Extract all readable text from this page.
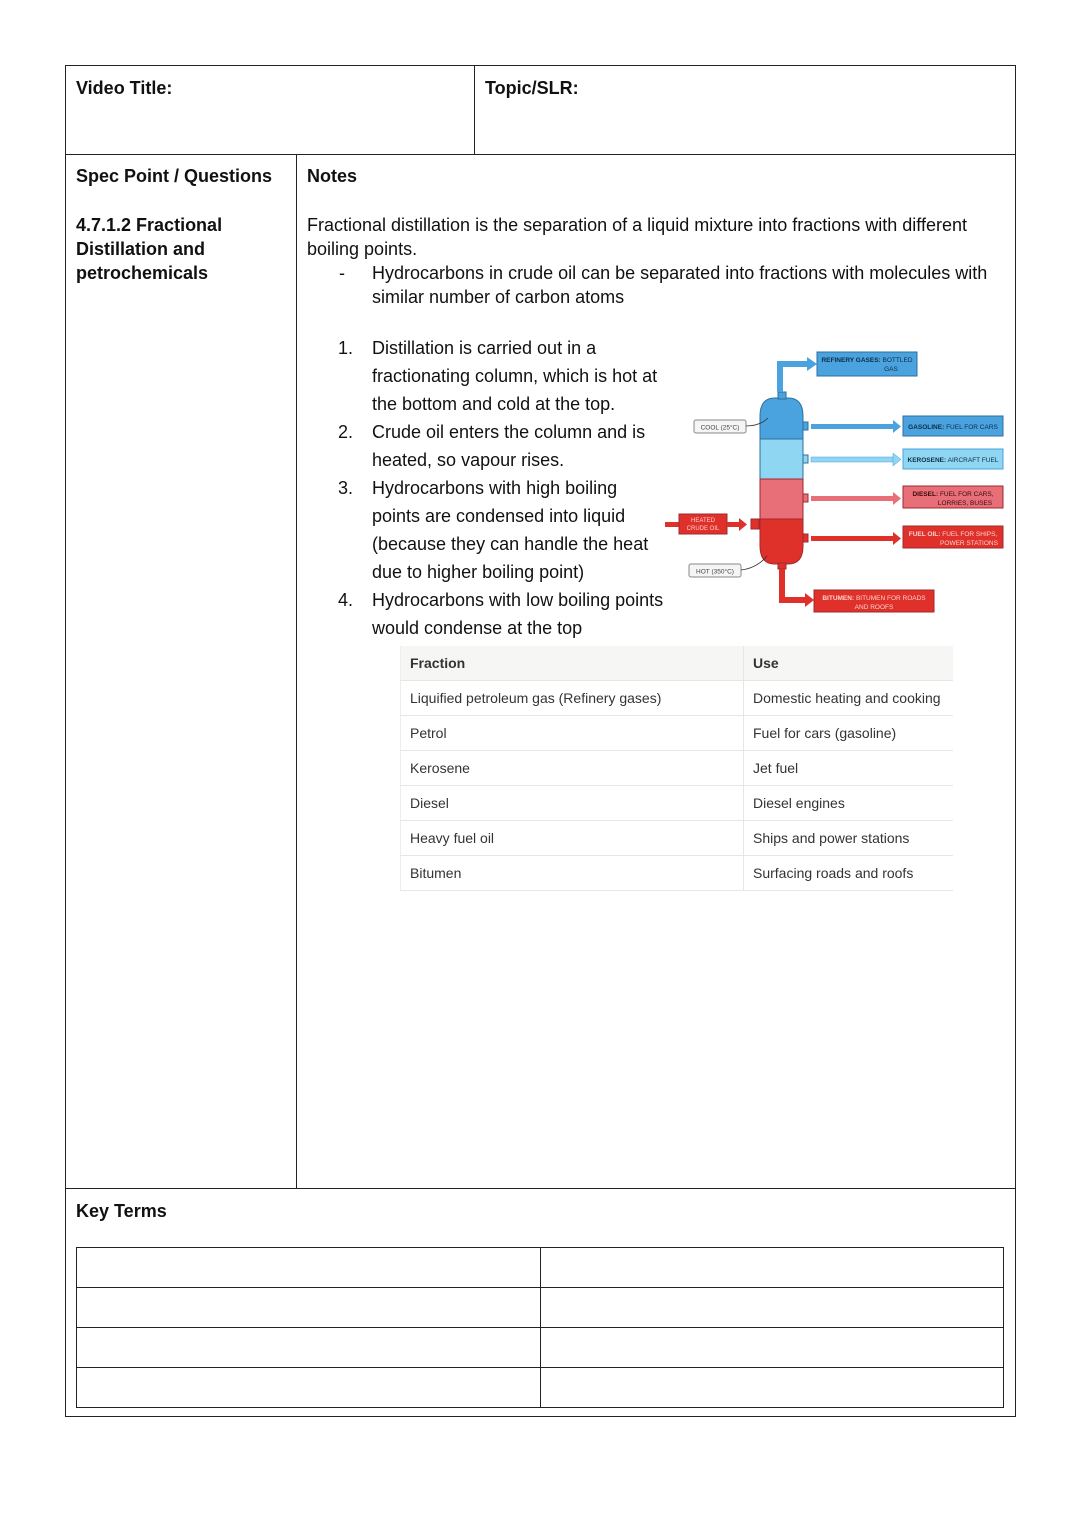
Video Title:	Topic/SLR:
Spec Point / Questions
4.7.1.2 Fractional
Distillation and
petrochemicals
Notes
Fractional distillation is the separation of a liquid mixture into fractions with different boiling points.
-	Hydrocarbons in crude oil can be separated into fractions with molecules with similar number of carbon atoms
1.	Distillation is carried out in a fractionating column, which is hot at the bottom and cold at the top.
2.	Crude oil enters the column and is heated, so vapour rises.
3.	Hydrocarbons with high boiling points are condensed into liquid (because they can handle the heat due to higher boiling point)
4.	Hydrocarbons with low boiling points would condense at the top
REFINERY GASES: BOTTLED
GAS
GASOLINE: FUEL FOR CARS
KEROSENE: AIRCRAFT FUEL
DIESEL: FUEL FOR CARS,
LORRIES, BUSES
FUEL OIL: FUEL FOR SHIPS,
POWER STATIONS
BITUMEN: BITUMEN FOR ROADS
AND ROOFS
HEATED
CRUDE OIL
COOL (25°C)
HOT (350°C)
Fraction	Use
Liquified petroleum gas (Refinery gases)	Domestic heating and cooking
Petrol	Fuel for cars (gasoline)
Kerosene	Jet fuel
Diesel	Diesel engines
Heavy fuel oil	Ships and power stations
Bitumen	Surfacing roads and roofs
Key Terms
